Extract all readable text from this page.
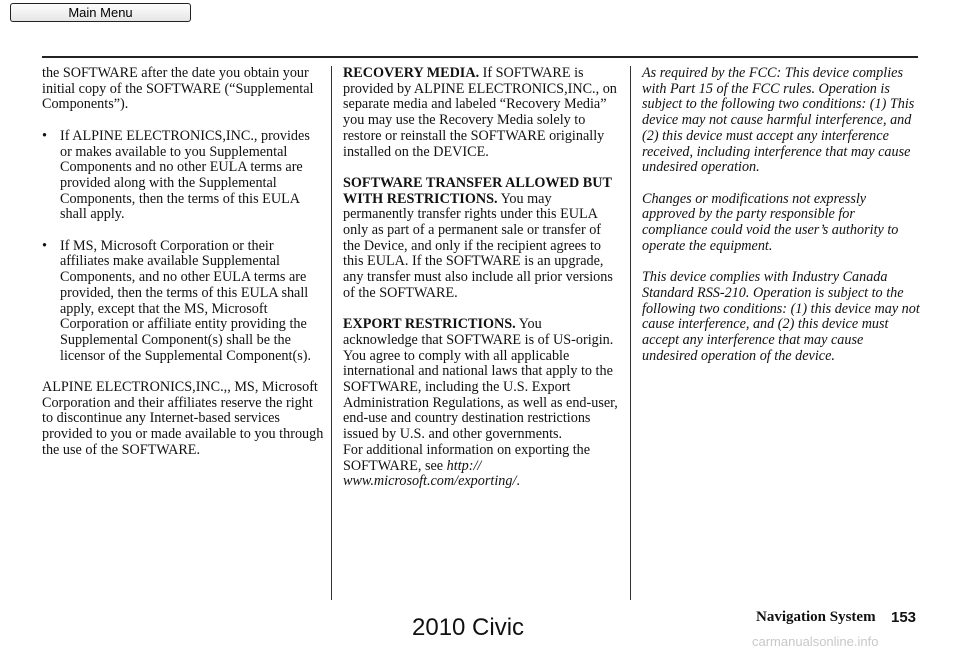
Main Menu

the SOFTWARE after the date you obtain your initial copy of the SOFTWARE (“Supplemental Components”).

• If ALPINE ELECTRONICS,INC., provides or makes available to you Supplemental Components and no other EULA terms are provided along with the Supplemental Components, then the terms of this EULA shall apply.

• If MS, Microsoft Corporation or their affiliates make available Supplemental Components, and no other EULA terms are provided, then the terms of this EULA shall apply, except that the MS, Microsoft Corporation or affiliate entity providing the Supplemental Component(s) shall be the licensor of the Supplemental Component(s).

ALPINE ELECTRONICS,INC.,, MS, Microsoft Corporation and their affiliates reserve the right to discontinue any Internet-based services provided to you or made available to you through the use of the SOFTWARE.

RECOVERY MEDIA. If SOFTWARE is provided by ALPINE ELECTRONICS,INC., on separate media and labeled “Recovery Media” you may use the Recovery Media solely to restore or reinstall the SOFTWARE originally installed on the DEVICE.

SOFTWARE TRANSFER ALLOWED BUT WITH RESTRICTIONS. You may permanently transfer rights under this EULA only as part of a permanent sale or transfer of the Device, and only if the recipient agrees to this EULA. If the SOFTWARE is an upgrade, any transfer must also include all prior versions of the SOFTWARE.

EXPORT RESTRICTIONS. You acknowledge that SOFTWARE is of US-origin. You agree to comply with all applicable international and national laws that apply to the SOFTWARE, including the U.S. Export Administration Regulations, as well as end-user, end-use and country destination restrictions issued by U.S. and other governments.

For additional information on exporting the SOFTWARE, see http:// www.microsoft.com/exporting/.

As required by the FCC: This device complies with Part 15 of the FCC rules. Operation is subject to the following two conditions: (1) This device may not cause harmful interference, and (2) this device must accept any interference received, including interference that may cause undesired operation.

Changes or modifications not expressly approved by the party responsible for compliance could void the user’s authority to operate the equipment.

This device complies with Industry Canada Standard RSS-210. Operation is subject to the following two conditions: (1) this device may not cause interference, and (2) this device must accept any interference that may cause undesired operation of the device.

Navigation System 153
2010 Civic
carmanualsonline.info
